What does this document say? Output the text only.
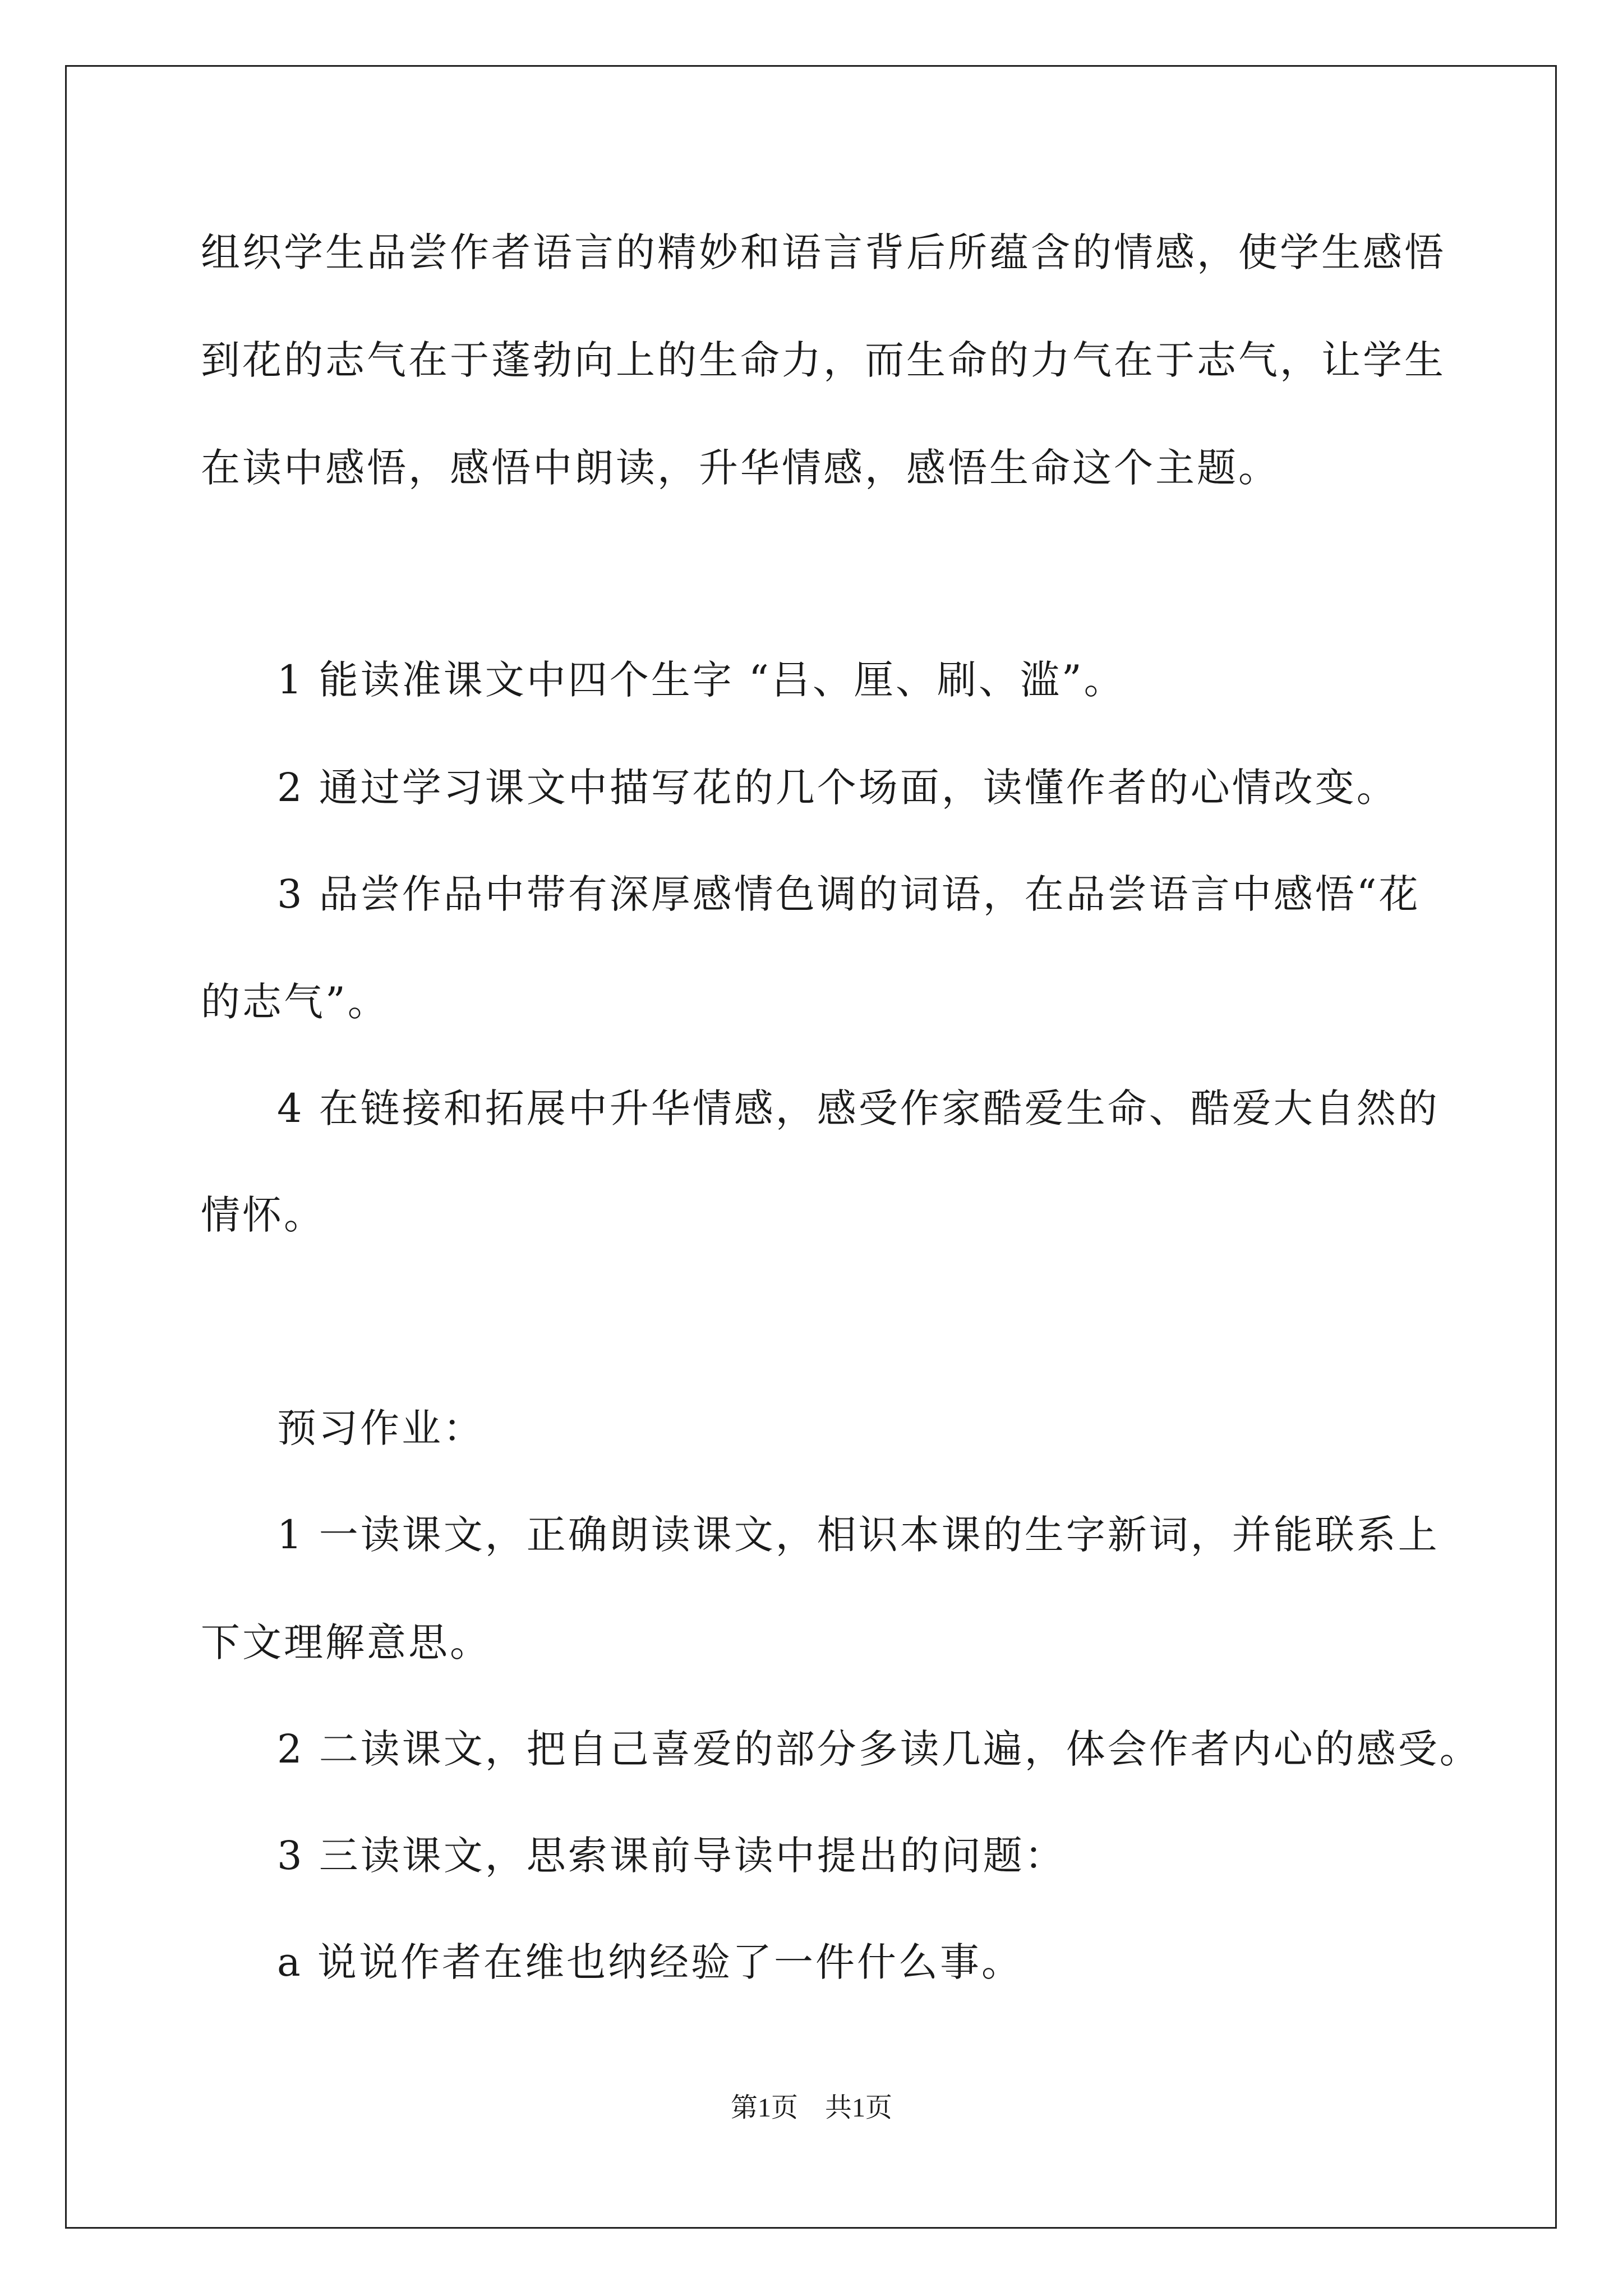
组织学生品尝作者语言的精妙和语言背后所蕴含的情感，使学生感悟
到花的志气在于蓬勃向上的生命力，而生命的力气在于志气，让学生
在读中感悟，感悟中朗读，升华情感，感悟生命这个主题。
1 能读准课文中四个生字 “吕、厘、刷、滥”。
2 通过学习课文中描写花的几个场面，读懂作者的心情改变。
3 品尝作品中带有深厚感情色调的词语，在品尝语言中感悟“花
的志气”。
4 在链接和拓展中升华情感，感受作家酷爱生命、酷爱大自然的
情怀。
预习作业：
1 一读课文，正确朗读课文，相识本课的生字新词，并能联系上
下文理解意思。
2 二读课文，把自己喜爱的部分多读几遍，体会作者内心的感受。
3 三读课文，思索课前导读中提出的问题：
a 说说作者在维也纳经验了一件什么事。
第1页 共1页
